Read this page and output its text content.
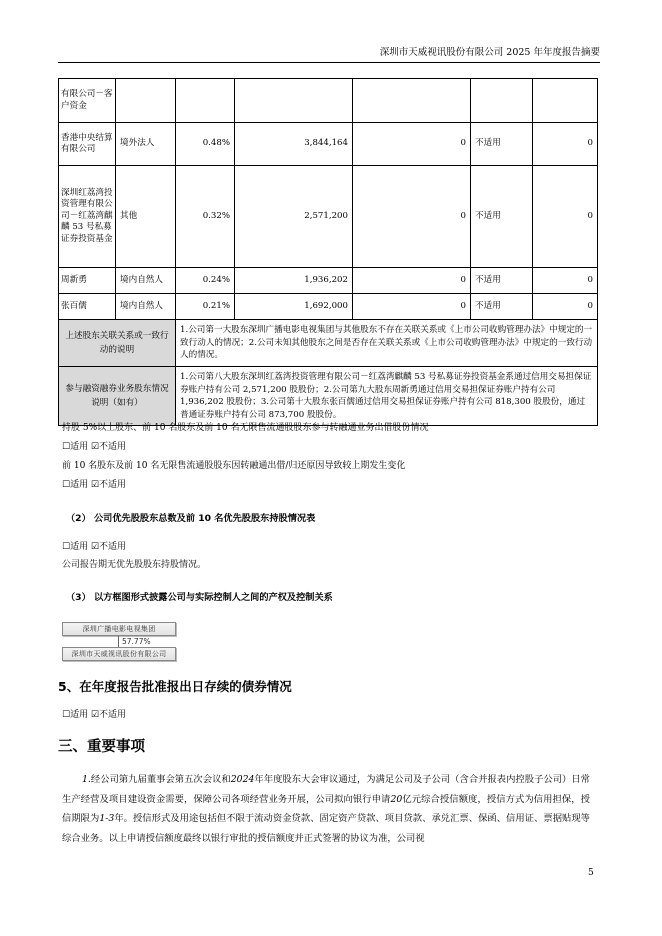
深圳市天威视讯股份有限公司 2025 年年度报告摘要
有限公司－客户资金						
香港中央结算有限公司	境外法人	0.48%	3,844,164	0	不适用	0
深圳红荔湾投资管理有限公司－红荔湾麒麟 53 号私募证券投资基金	其他	0.32%	2,571,200	0	不适用	0
周新勇	境内自然人	0.24%	1,936,202	0	不适用	0
张百儒	境内自然人	0.21%	1,692,000	0	不适用	0
上述股东关联关系或一致行动的说明		1.公司第一大股东深圳广播电影电视集团与其他股东不存在关联关系或《上市公司收购管理办法》中规定的一致行动人的情况；2.公司未知其他股东之间是否存在关联关系或《上市公司收购管理办法》中规定的一致行动人的情况。				
参与融资融券业务股东情况说明（如有）		1.公司第八大股东深圳红荔湾投资管理有限公司－红荔湾麒麟 53 号私募证券投资基金系通过信用交易担保证券账户持有公司 2,571,200 股股份；2.公司第九大股东周新勇通过信用交易担保证券账户持有公司 1,936,202 股股份；3.公司第十大股东张百儒通过信用交易担保证券账户持有公司 818,300 股股份，通过普通证券账户持有公司 873,700 股股份。				
持股 5%以上股东、前 10 名股东及前 10 名无限售流通股股东参与转融通业务出借股份情况
☐适用 ☑不适用
前 10 名股东及前 10 名无限售流通股股东因转融通出借/归还原因导致较上期发生变化
☐适用 ☑不适用
（2） 公司优先股股东总数及前 10 名优先股股东持股情况表
☐适用 ☑不适用
公司报告期无优先股股东持股情况。
（3） 以方框图形式披露公司与实际控制人之间的产权及控制关系
深圳广播电影电视集团
57.77%
深圳市天威视讯股份有限公司
5、在年度报告批准报出日存续的债券情况
☐适用 ☑不适用
三、重要事项
1.经公司第九届董事会第五次会议和2024年年度股东大会审议通过，为满足公司及子公司（含合并报表内控股子公司）日常生产经营及项目建设资金需要，保障公司各项经营业务开展，公司拟向银行申请20亿元综合授信额度，授信方式为信用担保，授信期限为1-3年。授信形式及用途包括但不限于流动资金贷款、固定资产贷款、项目贷款、承兑汇票、保函、信用证、票据贴现等综合业务。以上申请授信额度最终以银行审批的授信额度并正式签署的协议为准，公司视
5
